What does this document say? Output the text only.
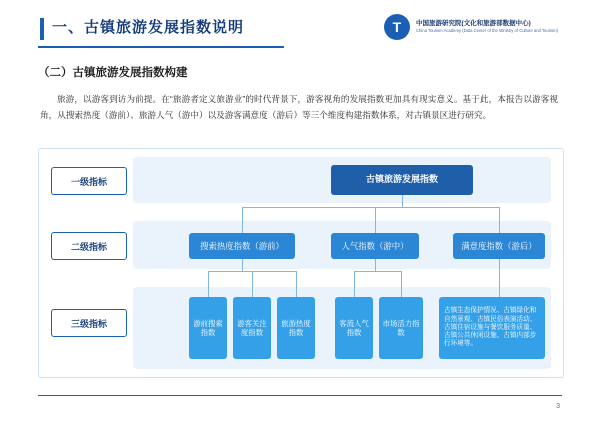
一、古镇旅游发展指数说明	T	中国旅游研究院(文化和旅游部数据中心)
China Tourism Academy (Data Center of the Ministry of Culture and Tourism)
（二）古镇旅游发展指数构建
旅游，以游客到访为前提。在“旅游者定义旅游业”的时代背景下，游客视角的发展指数更加具有现实意义。基于此，本报告以游客视角，从搜索热度（游前）、旅游人气（游中）以及游客满意度（游后）等三个维度构建指数体系，对古镇景区进行研究。
一级指标
二级指标
三级指标
古镇旅游发展指数
搜索热度指数（游前）	人气指数（游中）	满意度指数（游后）
游前搜索指数
游客关注度指数
旅游热度指数
客流人气指数
市场活力指数
古镇生态保护情况、古镇绿化和自然景观、古镇民俗表演活动、古镇住宿设施与餐饮服务质量、古镇公共休闲设施、古镇内部步行环境等。
3
